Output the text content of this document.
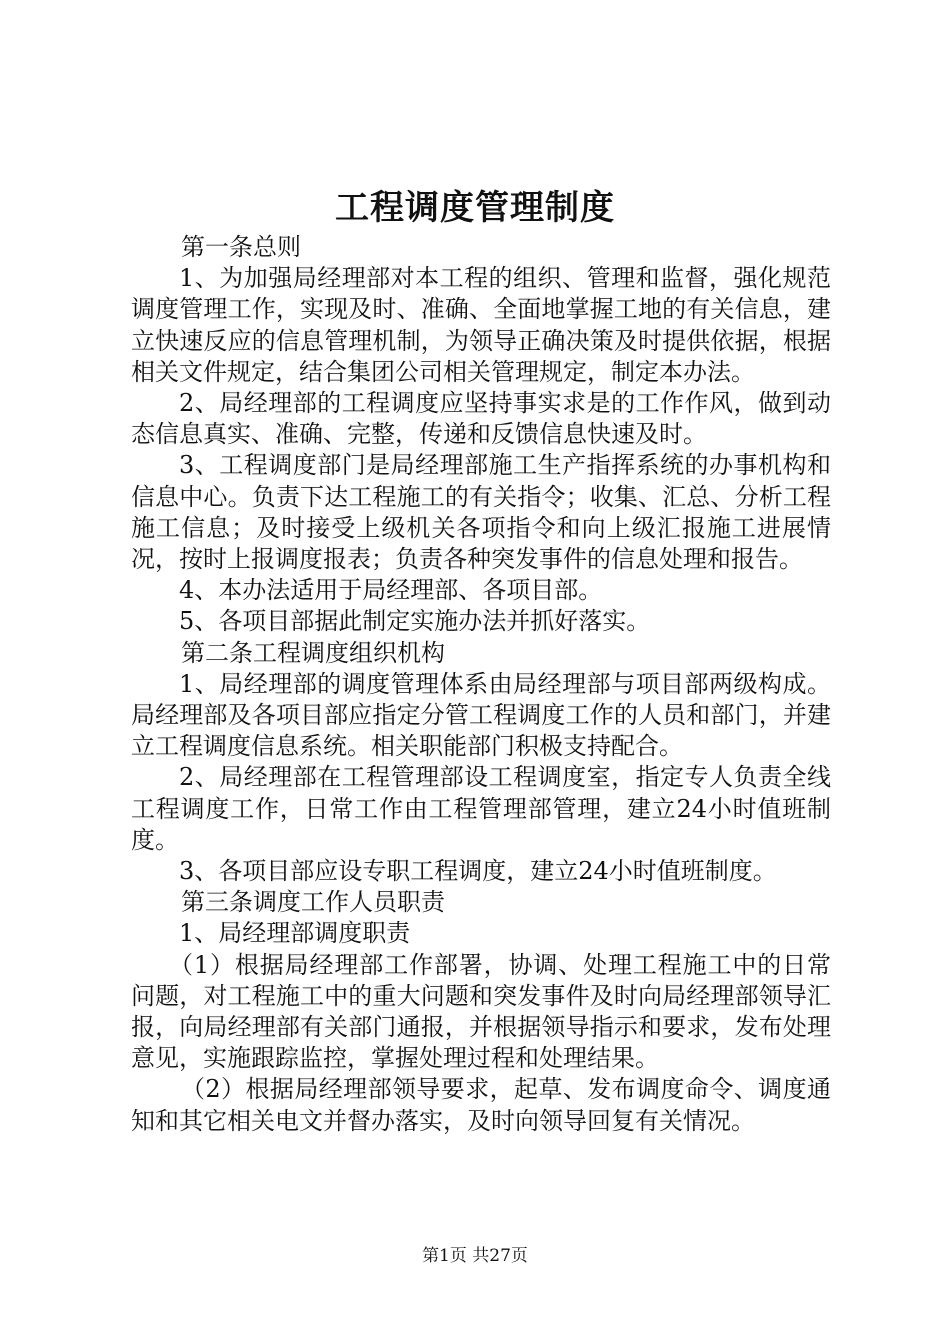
工程调度管理制度

第一条总则

1、为加强局经理部对本工程的组织、管理和监督，强化规范调度管理工作，实现及时、准确、全面地掌握工地的有关信息，建立快速反应的信息管理机制，为领导正确决策及时提供依据，根据相关文件规定，结合集团公司相关管理规定，制定本办法。

2、局经理部的工程调度应坚持事实求是的工作作风，做到动态信息真实、准确、完整，传递和反馈信息快速及时。

3、工程调度部门是局经理部施工生产指挥系统的办事机构和信息中心。负责下达工程施工的有关指令；收集、汇总、分析工程施工信息；及时接受上级机关各项指令和向上级汇报施工进展情况，按时上报调度报表；负责各种突发事件的信息处理和报告。

4、本办法适用于局经理部、各项目部。

5、各项目部据此制定实施办法并抓好落实。

第二条工程调度组织机构

1、局经理部的调度管理体系由局经理部与项目部两级构成。局经理部及各项目部应指定分管工程调度工作的人员和部门，并建立工程调度信息系统。相关职能部门积极支持配合。

2、局经理部在工程管理部设工程调度室，指定专人负责全线工程调度工作，日常工作由工程管理部管理，建立24小时值班制度。

3、各项目部应设专职工程调度，建立24小时值班制度。

第三条调度工作人员职责

1、局经理部调度职责

（1）根据局经理部工作部署，协调、处理工程施工中的日常问题，对工程施工中的重大问题和突发事件及时向局经理部领导汇报，向局经理部有关部门通报，并根据领导指示和要求，发布处理意见，实施跟踪监控，掌握处理过程和处理结果。

（2）根据局经理部领导要求，起草、发布调度命令、调度通知和其它相关电文并督办落实，及时向领导回复有关情况。

第1页 共27页
